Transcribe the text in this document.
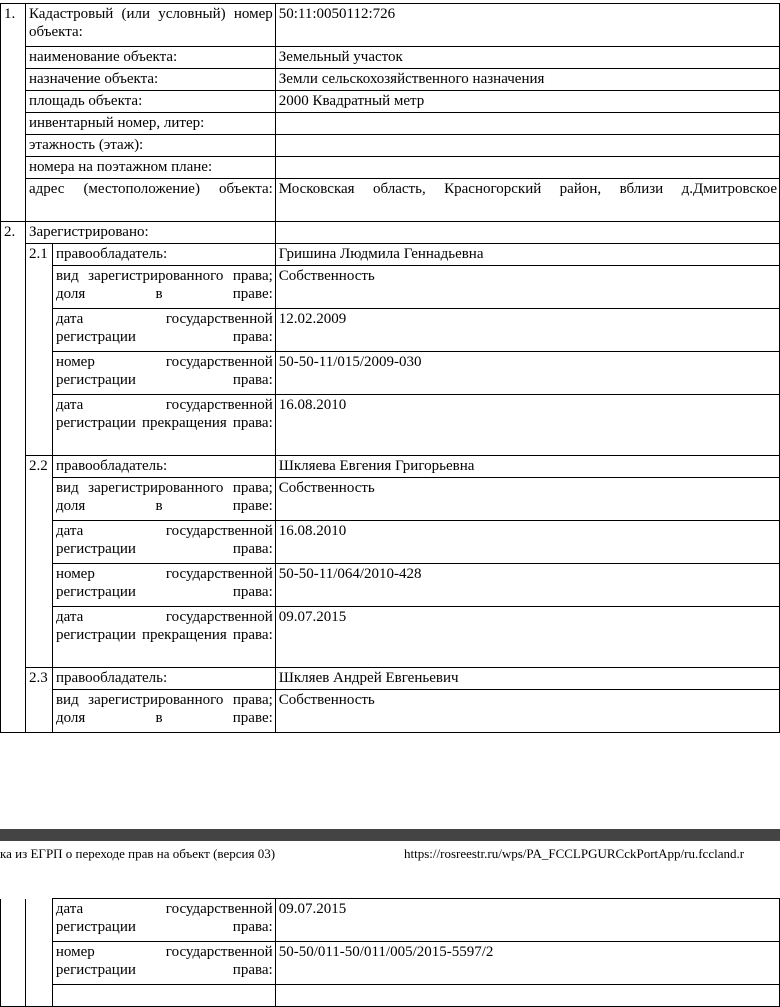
1.	Кадастровый (или условный) номер объекта:		50:11:0050112:726
	наименование объекта:		Земельный участок
	назначение объекта:		Земли сельскохозяйственного назначения
	площадь объекта:		2000 Квадратный метр
	инвентарный номер, литер:		
	этажность (этаж):		
	номера на поэтажном плане:		
	адрес (местоположение) объекта:		Московская область, Красногорский район, вблизи д.Дмитровское
2.	Зарегистрировано:		
	2.1	правообладатель:	Гришина Людмила Геннадьевна
		вид зарегистрированного права; доля в праве:	Собственность
		дата государственной регистрации права:	12.02.2009
		номер государственной регистрации права:	50-50-11/015/2009-030
		дата государственной регистрации прекращения права:	16.08.2010
	2.2	правообладатель:	Шкляева Евгения Григорьевна
		вид зарегистрированного права; доля в праве:	Собственность
		дата государственной регистрации права:	16.08.2010
		номер государственной регистрации права:	50-50-11/064/2010-428
		дата государственной регистрации прекращения права:	09.07.2015
	2.3	правообладатель:	Шкляев Андрей Евгеньевич
		вид зарегистрированного права; доля в праве:	Собственность
ка из ЕГРП о переходе прав на объект (версия 03)	https://rosreestr.ru/wps/PA_FCCLPGURCckPortApp/ru.fccland.r
		дата государственной регистрации права:	09.07.2015
		номер государственной регистрации права:	50-50/011-50/011/005/2015-5597/2
